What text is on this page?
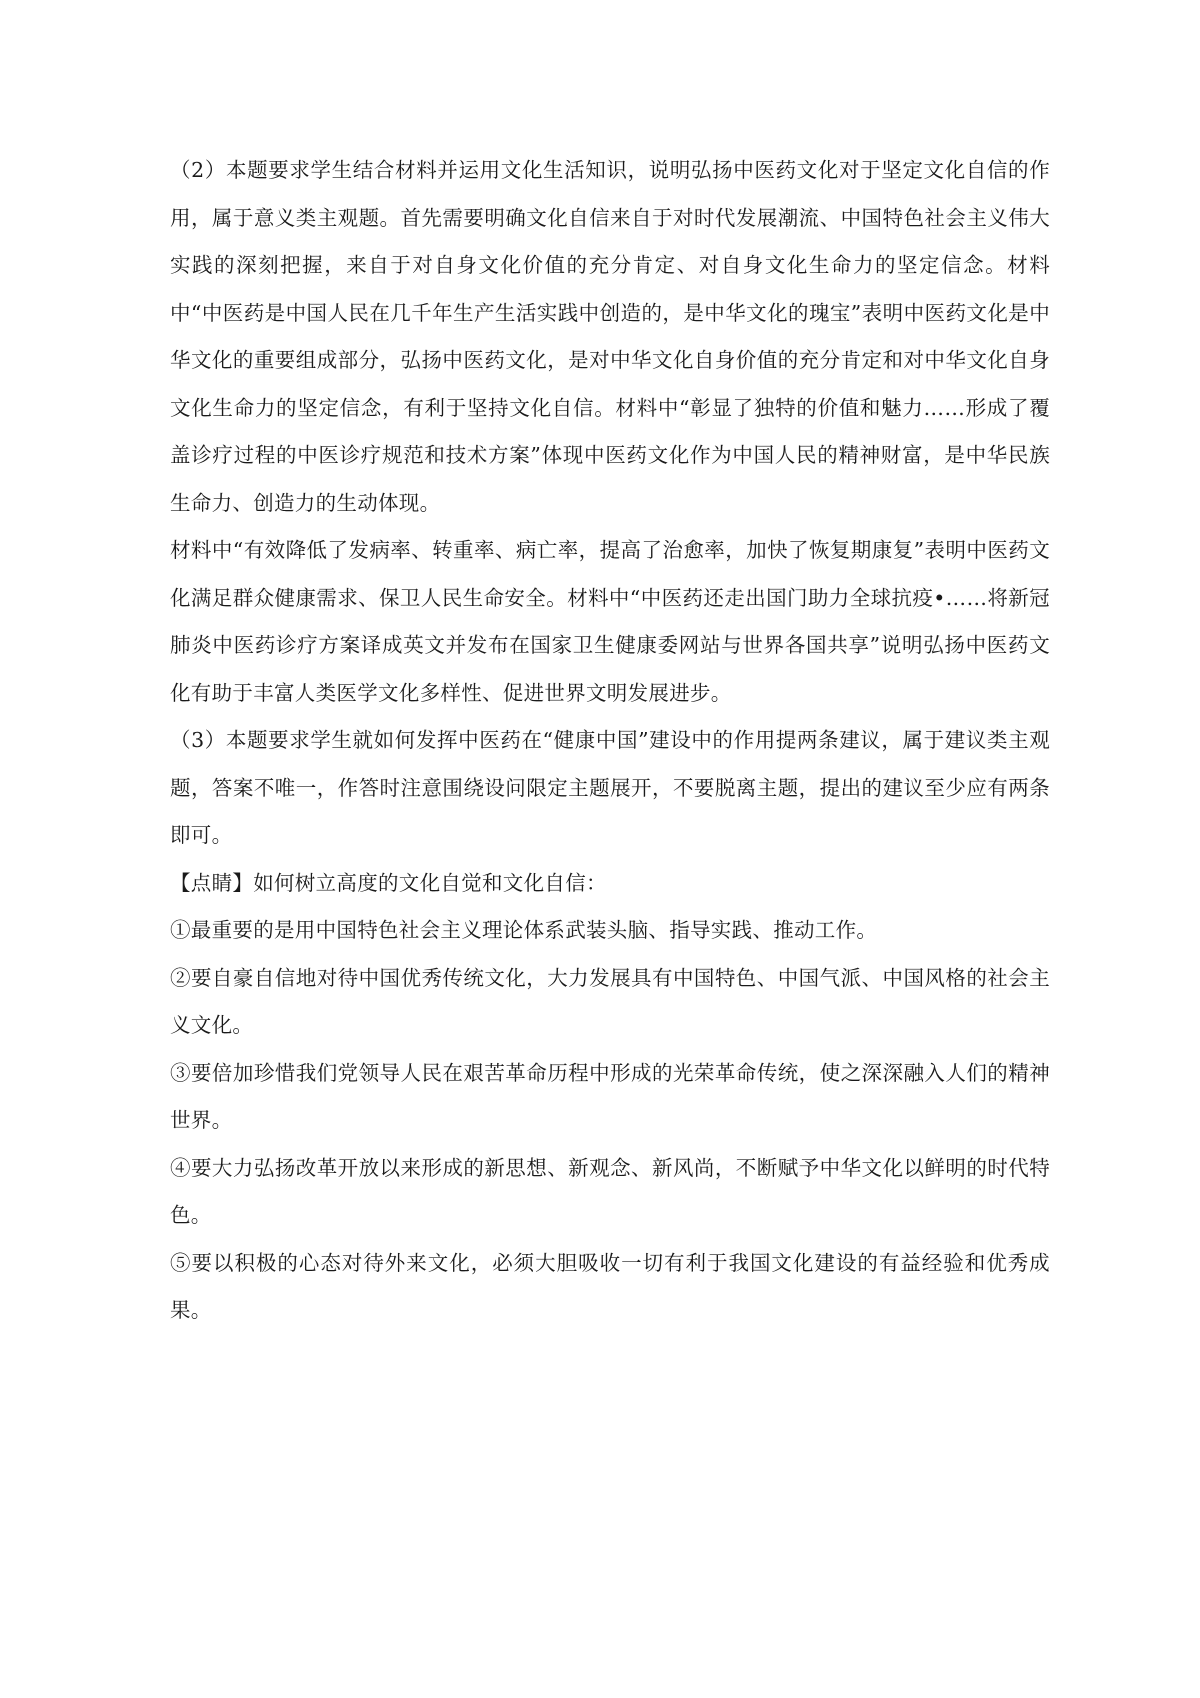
（2）本题要求学生结合材料并运用文化生活知识，说明弘扬中医药文化对于坚定文化自信的作用，属于意义类主观题。首先需要明确文化自信来自于对时代发展潮流、中国特色社会主义伟大实践的深刻把握，来自于对自身文化价值的充分肯定、对自身文化生命力的坚定信念。材料中“中医药是中国人民在几千年生产生活实践中创造的，是中华文化的瑰宝”表明中医药文化是中华文化的重要组成部分，弘扬中医药文化，是对中华文化自身价值的充分肯定和对中华文化自身文化生命力的坚定信念，有利于坚持文化自信。材料中“彰显了独特的价值和魅力……形成了覆盖诊疗过程的中医诊疗规范和技术方案”体现中医药文化作为中国人民的精神财富，是中华民族生命力、创造力的生动体现。

材料中“有效降低了发病率、转重率、病亡率，提高了治愈率，加快了恢复期康复”表明中医药文化满足群众健康需求、保卫人民生命安全。材料中“中医药还走出国门助力全球抗疫•……将新冠肺炎中医药诊疗方案译成英文并发布在国家卫生健康委网站与世界各国共享”说明弘扬中医药文化有助于丰富人类医学文化多样性、促进世界文明发展进步。

（3）本题要求学生就如何发挥中医药在“健康中国”建设中的作用提两条建议，属于建议类主观题，答案不唯一，作答时注意围绕设问限定主题展开，不要脱离主题，提出的建议至少应有两条即可。

【点睛】如何树立高度的文化自觉和文化自信：

①最重要的是用中国特色社会主义理论体系武装头脑、指导实践、推动工作。

②要自豪自信地对待中国优秀传统文化，大力发展具有中国特色、中国气派、中国风格的社会主义文化。

③要倍加珍惜我们党领导人民在艰苦革命历程中形成的光荣革命传统，使之深深融入人们的精神世界。

④要大力弘扬改革开放以来形成的新思想、新观念、新风尚，不断赋予中华文化以鲜明的时代特色。

⑤要以积极的心态对待外来文化，必须大胆吸收一切有利于我国文化建设的有益经验和优秀成果。
